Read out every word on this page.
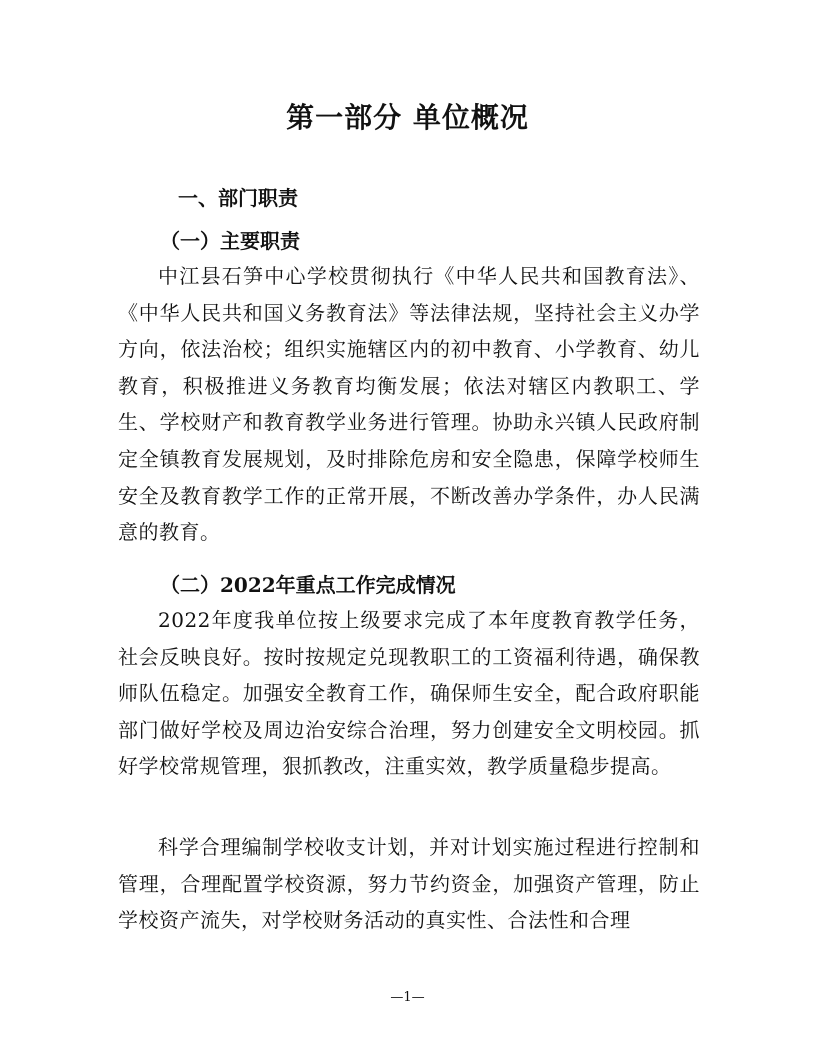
第一部分 单位概况
一、部门职责
（一）主要职责

中江县石笋中心学校贯彻执行《中华人民共和国教育法》、《中华人民共和国义务教育法》等法律法规，坚持社会主义办学方向，依法治校；组织实施辖区内的初中教育、小学教育、幼儿教育，积极推进义务教育均衡发展；依法对辖区内教职工、学生、学校财产和教育教学业务进行管理。协助永兴镇人民政府制定全镇教育发展规划，及时排除危房和安全隐患，保障学校师生安全及教育教学工作的正常开展，不断改善办学条件，办人民满意的教育。

（二）2022年重点工作完成情况

2022年度我单位按上级要求完成了本年度教育教学任务，社会反映良好。按时按规定兑现教职工的工资福利待遇，确保教师队伍稳定。加强安全教育工作，确保师生安全，配合政府职能部门做好学校及周边治安综合治理，努力创建安全文明校园。抓好学校常规管理，狠抓教改，注重实效，教学质量稳步提高。

科学合理编制学校收支计划，并对计划实施过程进行控制和管理，合理配置学校资源，努力节约资金，加强资产管理，防止学校资产流失，对学校财务活动的真实性、合法性和合理

—1—
